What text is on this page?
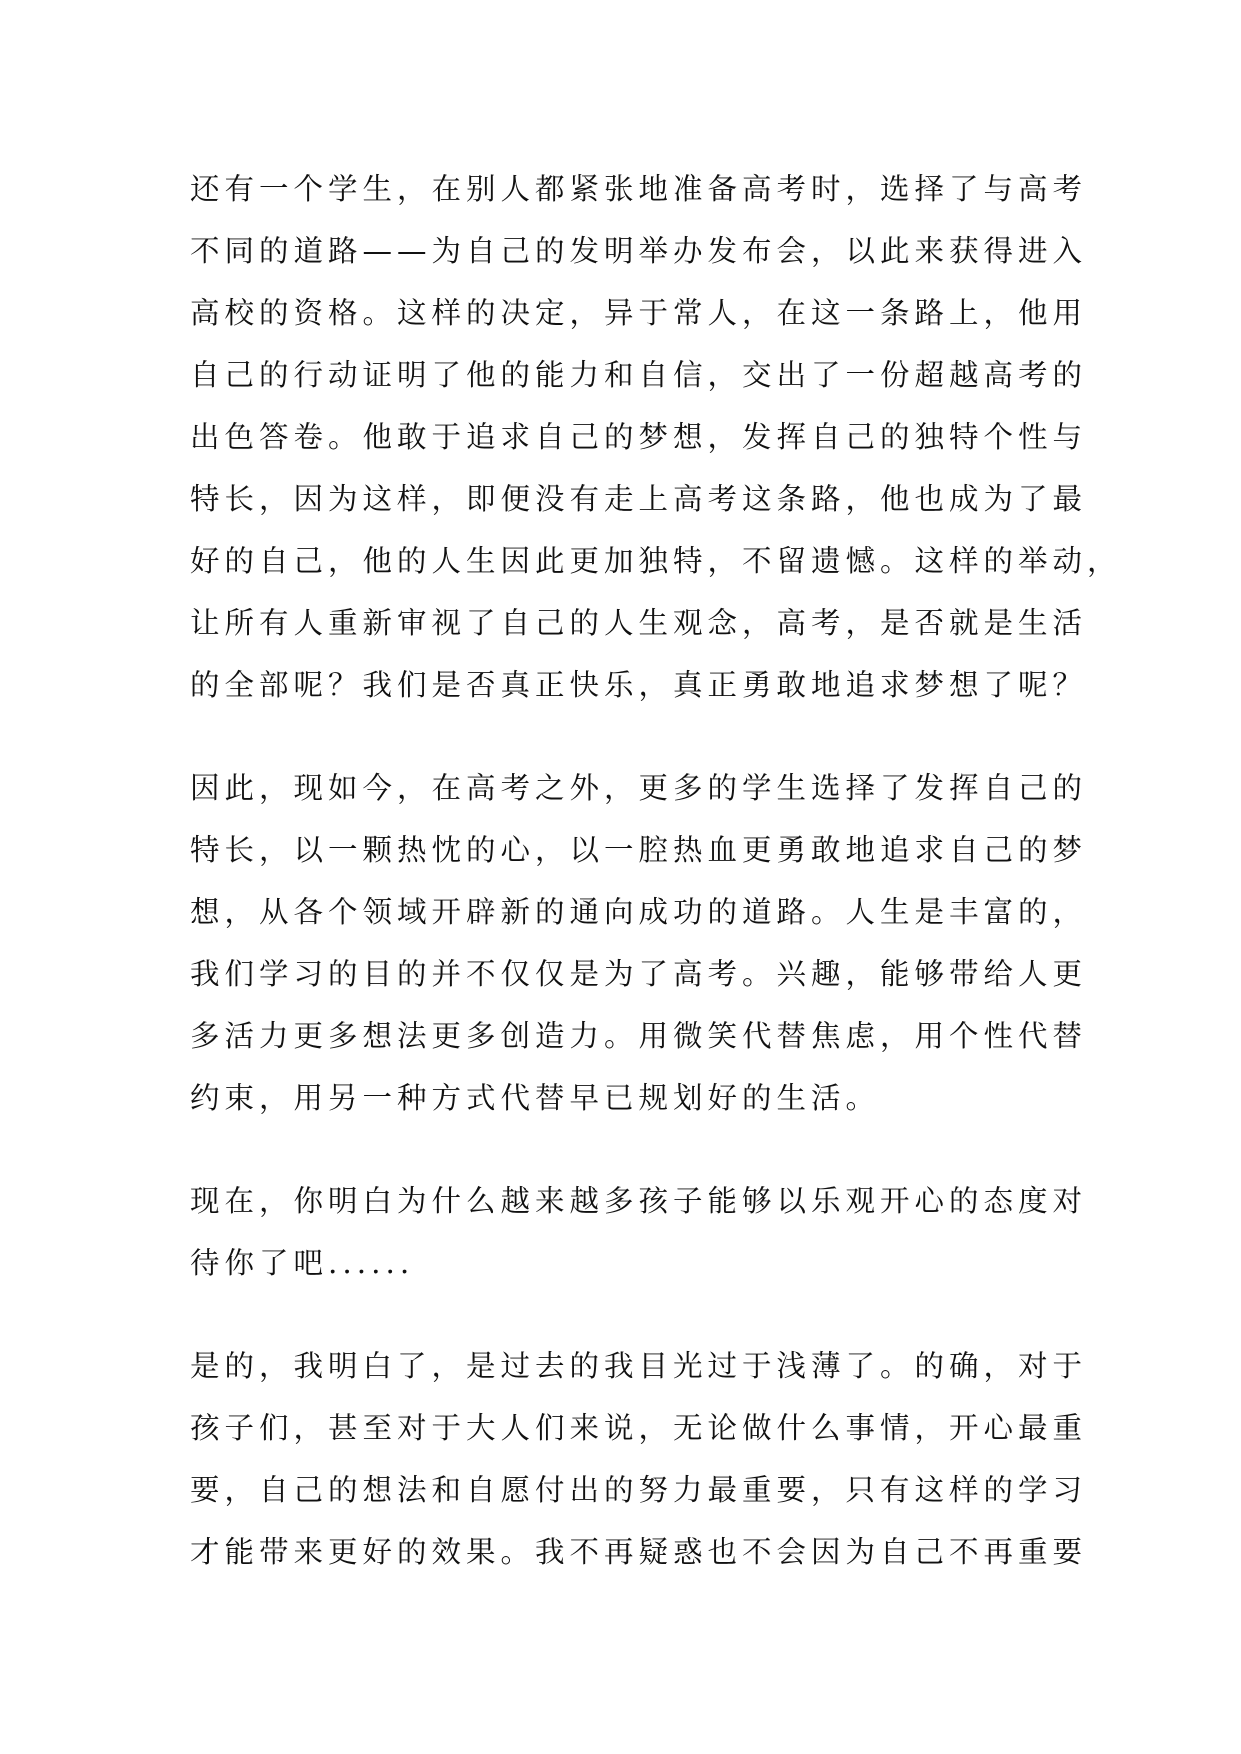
还有一个学生，在别人都紧张地准备高考时，选择了与高考
不同的道路——为自己的发明举办发布会，以此来获得进入
高校的资格。这样的决定，异于常人，在这一条路上，他用
自己的行动证明了他的能力和自信，交出了一份超越高考的
出色答卷。他敢于追求自己的梦想，发挥自己的独特个性与
特长，因为这样，即便没有走上高考这条路，他也成为了最
好的自己，他的人生因此更加独特，不留遗憾。这样的举动，
让所有人重新审视了自己的人生观念，高考，是否就是生活
的全部呢？我们是否真正快乐，真正勇敢地追求梦想了呢？
因此，现如今，在高考之外，更多的学生选择了发挥自己的
特长，以一颗热忱的心，以一腔热血更勇敢地追求自己的梦
想，从各个领域开辟新的通向成功的道路。人生是丰富的，
我们学习的目的并不仅仅是为了高考。兴趣，能够带给人更
多活力更多想法更多创造力。用微笑代替焦虑，用个性代替
约束，用另一种方式代替早已规划好的生活。
现在，你明白为什么越来越多孩子能够以乐观开心的态度对
待你了吧......
是的，我明白了，是过去的我目光过于浅薄了。的确，对于
孩子们，甚至对于大人们来说，无论做什么事情，开心最重
要，自己的想法和自愿付出的努力最重要，只有这样的学习
才能带来更好的效果。我不再疑惑也不会因为自己不再重要
